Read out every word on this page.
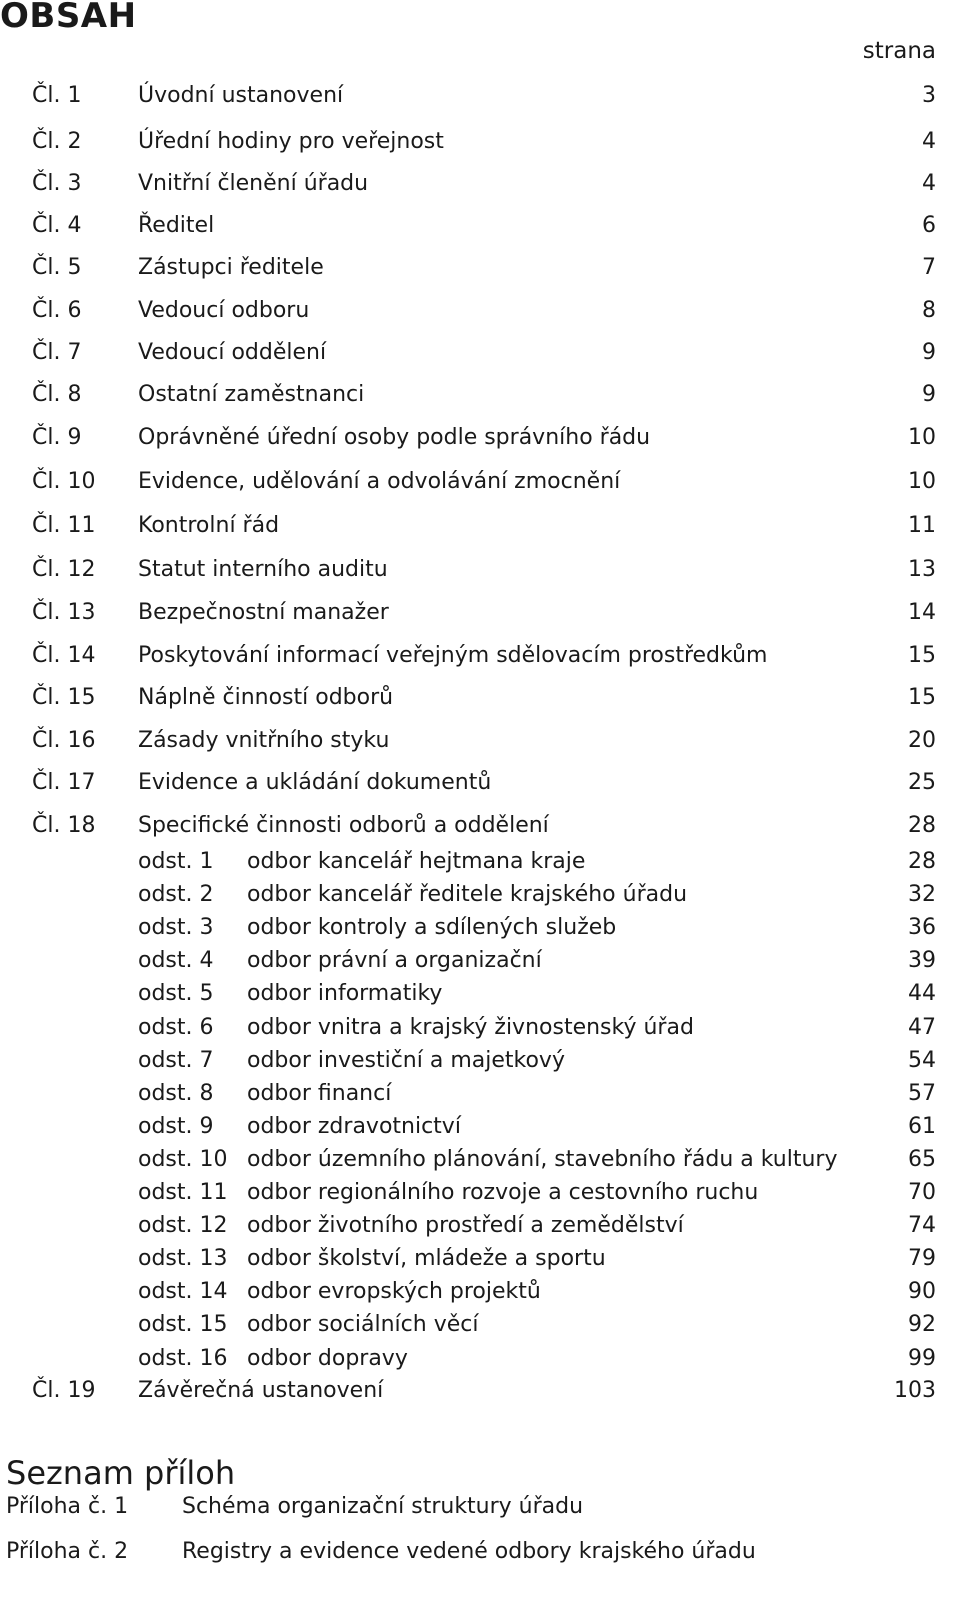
OBSAH
strana
Čl. 1	Úvodní ustanovení	3
Čl. 2	Úřední hodiny pro veřejnost	4
Čl. 3	Vnitřní členění úřadu	4
Čl. 4	Ředitel	6
Čl. 5	Zástupci ředitele	7
Čl. 6	Vedoucí odboru	8
Čl. 7	Vedoucí oddělení	9
Čl. 8	Ostatní zaměstnanci	9
Čl. 9	Oprávněné úřední osoby podle správního řádu	10
Čl. 10 Evidence, udělování a odvolávání zmocnění	10
Čl. 11 Kontrolní řád	11
Čl. 12 Statut interního auditu	13
Čl. 13 Bezpečnostní manažer	14
Čl. 14 Poskytování informací veřejným sdělovacím prostředkům	15
Čl. 15 Náplně činností odborů	15
Čl. 16 Zásady vnitřního styku	20
Čl. 17 Evidence a ukládání dokumentů	25
Čl. 18 Specifické činnosti odborů a oddělení	28
odst. 1 odbor kancelář hejtmana kraje	28
odst. 2 odbor kancelář ředitele krajského úřadu	32
odst. 3 odbor kontroly a sdílených služeb	36
odst. 4 odbor právní a organizační	39
odst. 5 odbor informatiky	44
odst. 6 odbor vnitra a krajský živnostenský úřad	47
odst. 7 odbor investiční a majetkový	54
odst. 8 odbor financí	57
odst. 9 odbor zdravotnictví	61
odst. 10 odbor územního plánování, stavebního řádu a kultury	65
odst. 11 odbor regionálního rozvoje a cestovního ruchu	70
odst. 12 odbor životního prostředí a zemědělství	74
odst. 13 odbor školství, mládeže a sportu	79
odst. 14 odbor evropských projektů	90
odst. 15 odbor sociálních věcí	92
odst. 16 odbor dopravy	99
Čl. 19 Závěrečná ustanovení	103
Seznam příloh
Příloha č. 1 Schéma organizační struktury úřadu
Příloha č. 2 Registry a evidence vedené odbory krajského úřadu
